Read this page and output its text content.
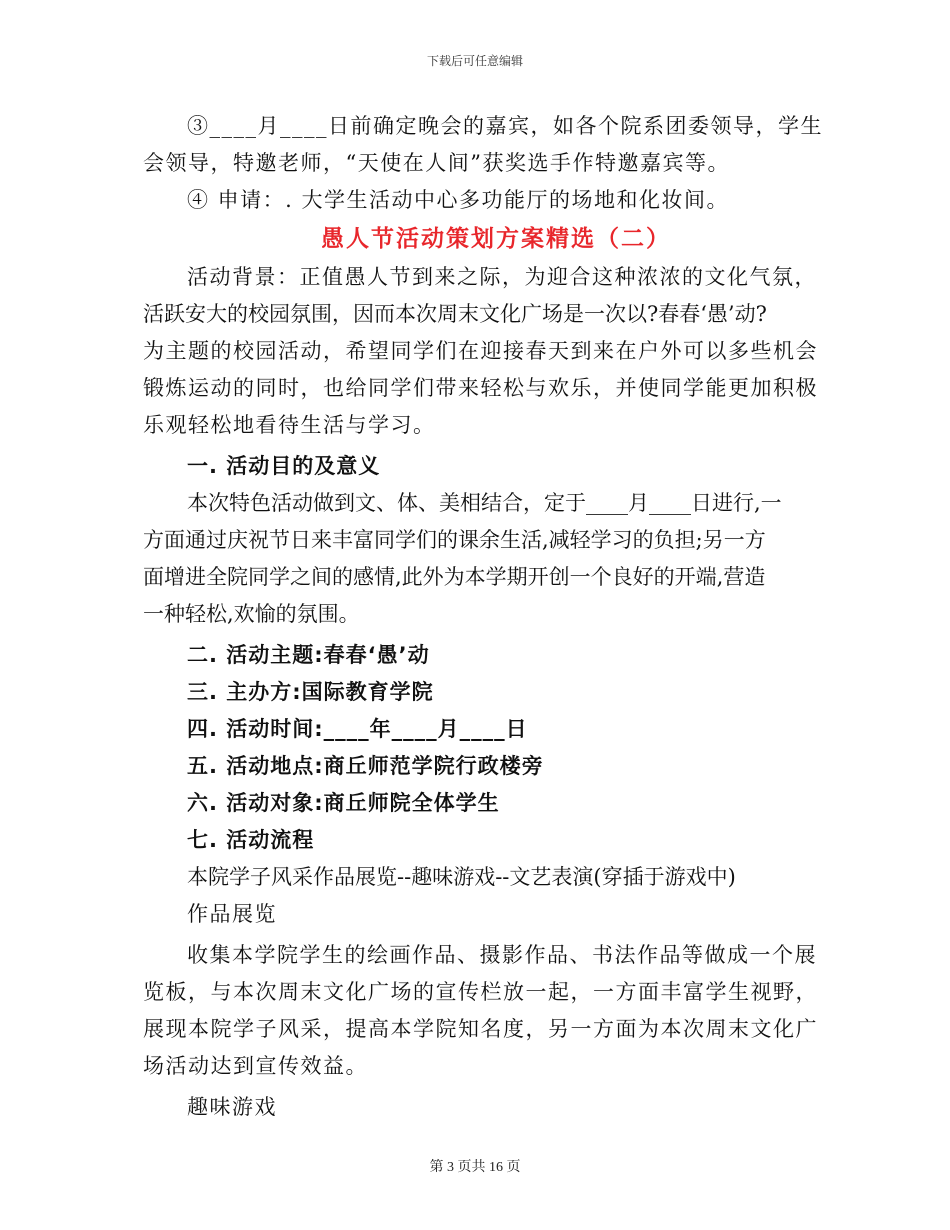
下载后可任意编辑

③____月____日前确定晚会的嘉宾，如各个院系团委领导，学生
会领导，特邀老师，“天使在人间”获奖选手作特邀嘉宾等。

④ 申请：. 大学生活动中心多功能厅的场地和化妆间。

愚人节活动策划方案精选（二）

活动背景：正值愚人节到来之际，为迎合这种浓浓的文化气氛，
活跃安大的校园氛围，因而本次周末文化广场是一次以?春春‘愚’动?
为主题的校园活动，希望同学们在迎接春天到来在户外可以多些机会
锻炼运动的同时，也给同学们带来轻松与欢乐，并使同学能更加积极
乐观轻松地看待生活与学习。

一. 活动目的及意义

本次特色活动做到文、体、美相结合，定于____月____日进行,一
方面通过庆祝节日来丰富同学们的课余生活,减轻学习的负担;另一方
面增进全院同学之间的感情,此外为本学期开创一个良好的开端,营造
一种轻松,欢愉的氛围。

二. 活动主题:春春‘愚’动

三. 主办方:国际教育学院

四. 活动时间:____年____月____日

五. 活动地点:商丘师范学院行政楼旁

六. 活动对象:商丘师院全体学生

七. 活动流程

本院学子风采作品展览--趣味游戏--文艺表演(穿插于游戏中)
作品展览

收集本学院学生的绘画作品、摄影作品、书法作品等做成一个展
览板，与本次周末文化广场的宣传栏放一起，一方面丰富学生视野，
展现本院学子风采，提高本学院知名度，另一方面为本次周末文化广
场活动达到宣传效益。

趣味游戏

第 3 页共 16 页
